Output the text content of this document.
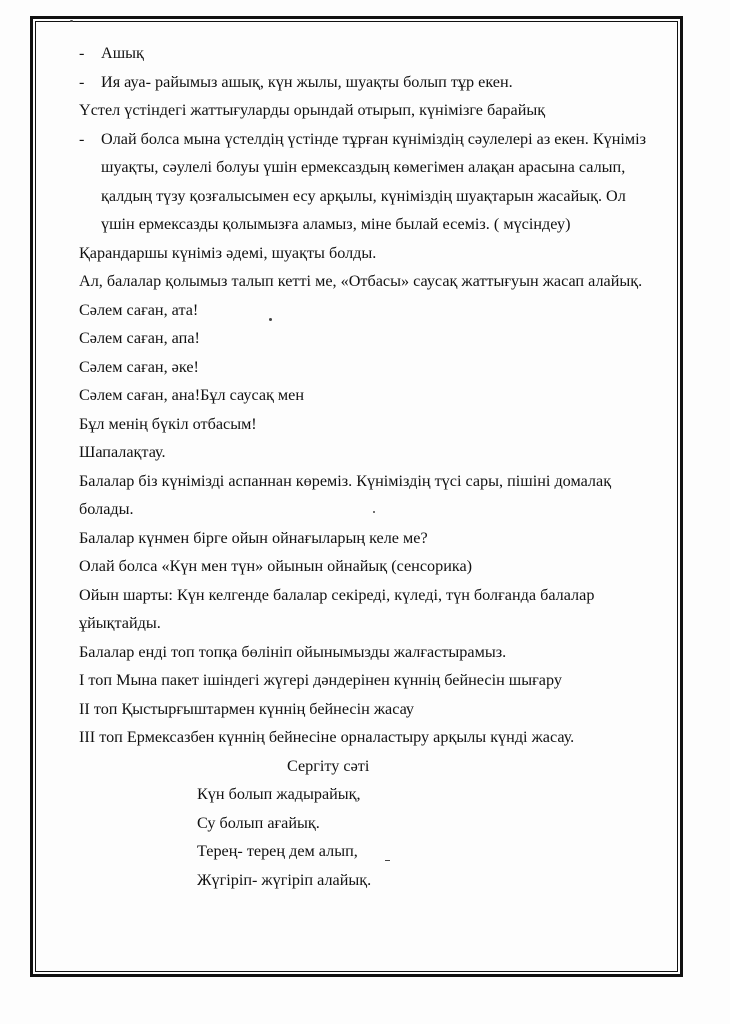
- Ашық
- Ия ауа- райымыз ашық, күн жылы, шуақты болып тұр екен.
Үстел үстіндегі жаттығуларды орындай отырып, күнімізге барайық
- Олай болса мына үстелдің үстінде тұрған күніміздің сәулелері аз екен. Күніміз
шуақты, сәулелі болуы үшін ермексаздың көмегімен алақан арасына салып,
қалдың түзу қозғалысымен есу арқылы, күніміздің шуақтарын жасайық. Ол
үшін ермексазды қолымызға аламыз, міне былай есеміз. ( мүсіндеу)
Қарандаршы күніміз әдемі, шуақты болды.
Ал, балалар қолымыз талып кетті ме, «Отбасы» саусақ жаттығуын жасап алайық.
Сәлем саған, ата!
Сәлем саған, апа!
Сәлем саған, әке!
Сәлем саған, ана!Бұл саусақ мен
Бұл менің бүкіл отбасым!
Шапалақтау.
Балалар біз күнімізді аспаннан көреміз. Күніміздің түсі сары, пішіні домалақ
болады.
Балалар күнмен бірге ойын ойнағыларың келе ме?
Олай болса «Күн мен түн» ойынын ойнайық (сенсорика)
Ойын шарты: Күн келгенде балалар секіреді, күледі, түн болғанда балалар
ұйықтайды.
Балалар енді топ топқа бөлініп ойынымызды жалғастырамыз.
І топ Мына пакет ішіндегі жүгері дәндерінен күннің бейнесін шығару
ІІ топ Қыстырғыштармен күннің бейнесін жасау
ІІІ топ Ермексазбен күннің бейнесіне орналастыру арқылы күнді жасау.
Сергіту сәті
Күн болып жадырайық,
Су болып ағайық.
Терең- терең дем алып,
Жүгіріп- жүгіріп алайық.
